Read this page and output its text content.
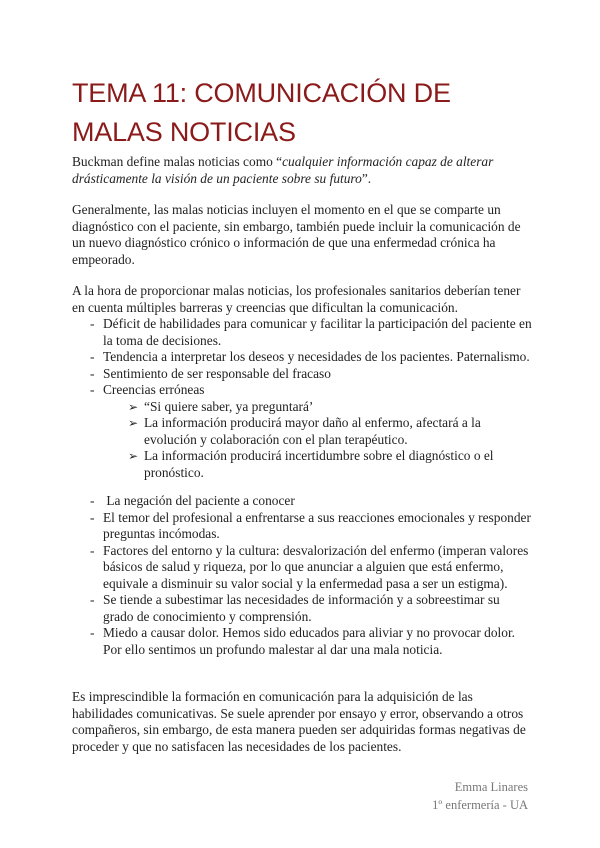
TEMA 11: COMUNICACIÓN DE MALAS NOTICIAS

Buckman define malas noticias como “cualquier información capaz de alterar drásticamente la visión de un paciente sobre su futuro”.

Generalmente, las malas noticias incluyen el momento en el que se comparte un diagnóstico con el paciente, sin embargo, también puede incluir la comunicación de un nuevo diagnóstico crónico o información de que una enfermedad crónica ha empeorado.

A la hora de proporcionar malas noticias, los profesionales sanitarios deberían tener en cuenta múltiples barreras y creencias que dificultan la comunicación.

- Déficit de habilidades para comunicar y facilitar la participación del paciente en la toma de decisiones.
- Tendencia a interpretar los deseos y necesidades de los pacientes. Paternalismo.
- Sentimiento de ser responsable del fracaso
- Creencias erróneas
➢ “Si quiere saber, ya preguntará’
➢ La información producirá mayor daño al enfermo, afectará a la evolución y colaboración con el plan terapéutico.
➢ La información producirá incertidumbre sobre el diagnóstico o el pronóstico.
-  La negación del paciente a conocer
- El temor del profesional a enfrentarse a sus reacciones emocionales y responder preguntas incómodas.
- Factores del entorno y la cultura: desvalorización del enfermo (imperan valores básicos de salud y riqueza, por lo que anunciar a alguien que está enfermo, equivale a disminuir su valor social y la enfermedad pasa a ser un estigma).
- Se tiende a subestimar las necesidades de información y a sobreestimar su grado de conocimiento y comprensión.
- Miedo a causar dolor. Hemos sido educados para aliviar y no provocar dolor. Por ello sentimos un profundo malestar al dar una mala noticia.

Es imprescindible la formación en comunicación para la adquisición de las habilidades comunicativas. Se suele aprender por ensayo y error, observando a otros compañeros, sin embargo, de esta manera pueden ser adquiridas formas negativas de proceder y que no satisfacen las necesidades de los pacientes.

Emma Linares
1º enfermería - UA
